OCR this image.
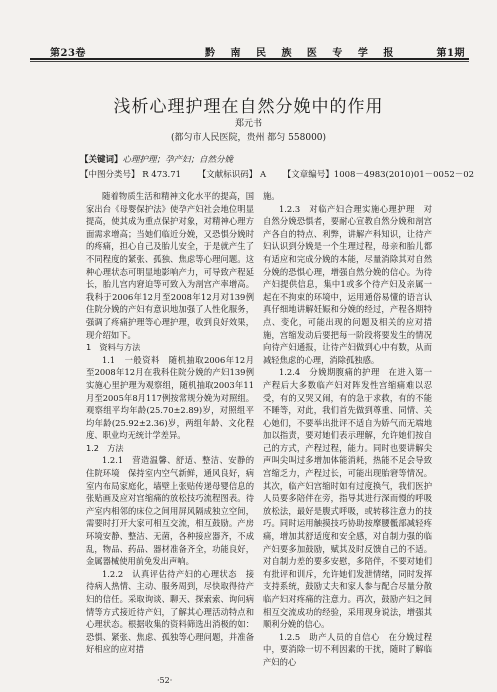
第23卷	黔 南 民 族 医 专 学 报	第1期
浅析心理护理在自然分娩中的作用
郑元书
(都匀市人民医院，贵州 都匀 558000)
【关键词】心理护理；孕产妇；自然分娩
【中图分类号】 R 473.71 【文献标识码】 A 【文章编号】1008－4983(2010)01－0052－02

随着物质生活和精神文化水平的提高，国家出台《母婴保护法》使孕产妇社会地位明显提高，使其成为重点保护对象，对精神心理方面需求增高；当她们临近分娩，又恐惧分娩时的疼痛，担心自己及胎儿安全，于是就产生了不同程度的紧张、孤独、焦虑等心理问题。这种心理状态可明显地影响产力，可导致产程延长，胎儿宫内窘迫等可致入为剖宫产率增高。我科于2006年12月至2008年12月对139例住院分娩的产妇有意识地加强了人性化服务，强调了疼痛护理等心理护理，收到良好效果，现介绍如下。

1　资料与方法

1.1　一般资料　随机抽取2006年12月至2008年12月在我科住院分娩的产妇139例实施心里护理为观察组，随机抽取2003年11月至2005年8月117例按常规分娩为对照组。观察组平均年龄(25.70±2.89)岁，对照组平均年龄(25.92±2.36)岁，两组年龄、文化程度、职业均无统计学差异。

1.2　方法

1.2.1　营造温馨、舒适、整洁、安静的住院环境　保持室内空气新鲜，通风良好，病室内布局家庭化，墙壁上张贴传递母婴信息的张贴画及应对宫缩痛的放松技巧流程图表。待产室内相邻的床位之间用屏风隔成独立空间，需要时打开大家可相互交流，相互鼓励。产房环境安静、整洁、无菌，各种接应器齐，不成乱，物品、药品、器材准备齐全，功能良好，金属器械使用前免发出声响。

1.2.2　认真评估待产妇的心理状态　接待病人热情、主动、服务周到，尽快取得待产妇的信任。采取询谈、聊天、探索索、询问病情等方式接近待产妇，了解其心理活动特点和心理状态。根据收集的资料筛选出消极的如：恐惧、紧张、焦虑、孤独等心理问题，并准备好相应的应对措

施。

1.2.3　对临产妇合理实施心理护理　对自然分娩恐惧者，要耐心宣教自然分娩和剖宫产各自的特点、利弊，讲解产科知识，让待产妇认识到分娩是一个生理过程，母亲和胎儿都有适应和完成分娩的本能，尽量消除其对自然分娩的恐惧心理，增强自然分娩的信心。为待产妇提供信息，集中1或多个待产妇及亲属一起在不拘束的环境中，运用通俗易懂的语言认真仔细地讲解妊娠和分娩的经过，产程各期特点、变化，可能出现的问题及相关的应对措施，宫缩发动后要把每一阶段将要发生的情况向待产妇通报，让待产妇做到心中有数，从而减轻焦虑的心理，消除孤独感。

1.2.4　分娩期腹痛的护理　在进入第一产程后大多数临产妇对阵发性宫缩痛难以忍受，有的又哭又闹，有的急于求救，有的不能不睡等，对此，我们首先做到尊重、同情、关心她们，不要举出批评不适自为娇气而无端地加以指责，要对她们表示理解，允许她们按自己的方式，产程过程，能力。同时也要讲解尖声叫尖叫过多增加体能消耗，热能不足会导致宫缩乏力，产程过长，可能出现胎窘等情况。其次，临产妇宫缩时如有过度换气，我们医护人员要多陪伴在旁，指导其进行深而慢的呼吸放松法，最好是腹式呼吸，或转移注意力的技巧。同时运用触摸技巧协助按摩腰骶部减轻疼痛，增加其舒适度和安全感，对自制力强的临产妇要多加鼓励，赋其及时反馈自己的不适。对自制力差的要多安慰，多陪伴，不要对她们有批评和训斥，允许她们发泄情绪，同时发挥支持系统，鼓励丈夫和家人参与配合尽量分散临产妇对疼痛的注意力。再次，鼓励产妇之间相互交流成功的经验，采用现身说法，增强其顺利分娩的信心。

1.2.5　助产人员的自信心　在分娩过程中，要消除一切不利因素的干扰，随时了解临产妇的心

·52·
